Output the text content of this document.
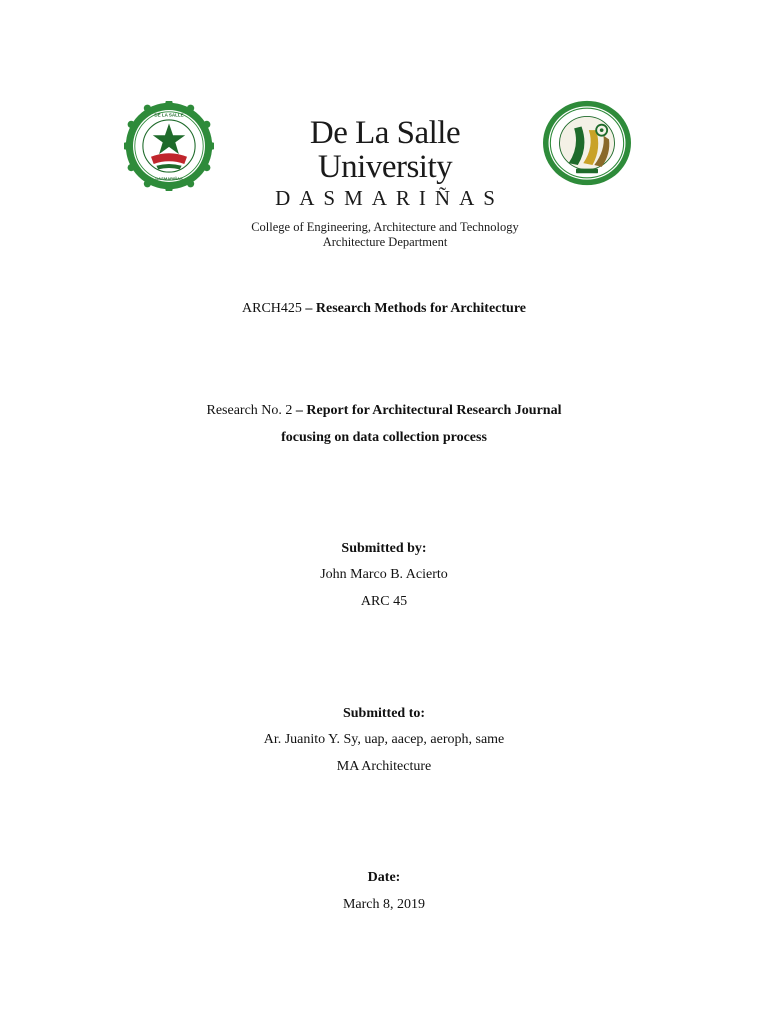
DE LA SALLE
DASMARIÑAS
De La Salle University
DASMARIÑAS
College of Engineering, Architecture and Technology
Architecture Department
ARCH425 – Research Methods for Architecture
Research No. 2 – Report for Architectural Research Journal
focusing on data collection process
Submitted by:
John Marco B. Acierto
ARC 45
Submitted to:
Ar. Juanito Y. Sy, uap, aacep, aeroph, same
MA Architecture
Date:
March 8, 2019
